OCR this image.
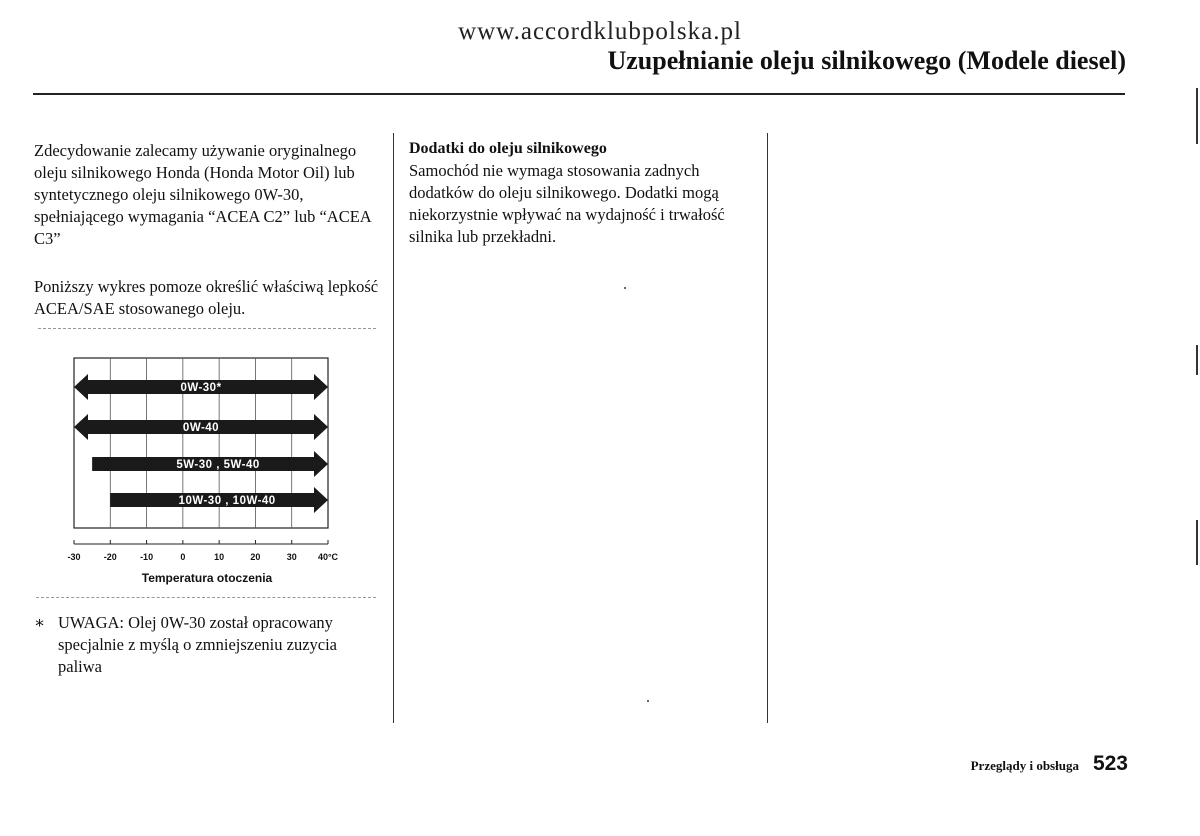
www.accordklubpolska.pl
Uzupełnianie oleju silnikowego (Modele diesel)
Zdecydowanie zalecamy używanie oryginalnego oleju silnikowego Honda (Honda Motor Oil) lub syntetycznego oleju silnikowego 0W-30, spełniającego wymagania “ACEA C2” lub “ACEA C3”
Poniższy wykres pomoze określić właściwą lepkość ACEA/SAE stosowanego oleju.
-30	-20	-10	0	10	20	30 40°C
0W-30*
0W-40
5W-30 , 5W-40
10W-30 , 10W-40
Temperatura otoczenia
∗ UWAGA: Olej 0W-30 został opracowany specjalnie z myślą o zmniejszeniu zuzycia paliwa
Dodatki do oleju silnikowego
Samochód nie wymaga stosowania zadnych dodatków do oleju silnikowego. Dodatki mogą niekorzystnie wpływać na wydajność i trwałość silnika lub przekładni.
Przeglądy i obsługa 523
